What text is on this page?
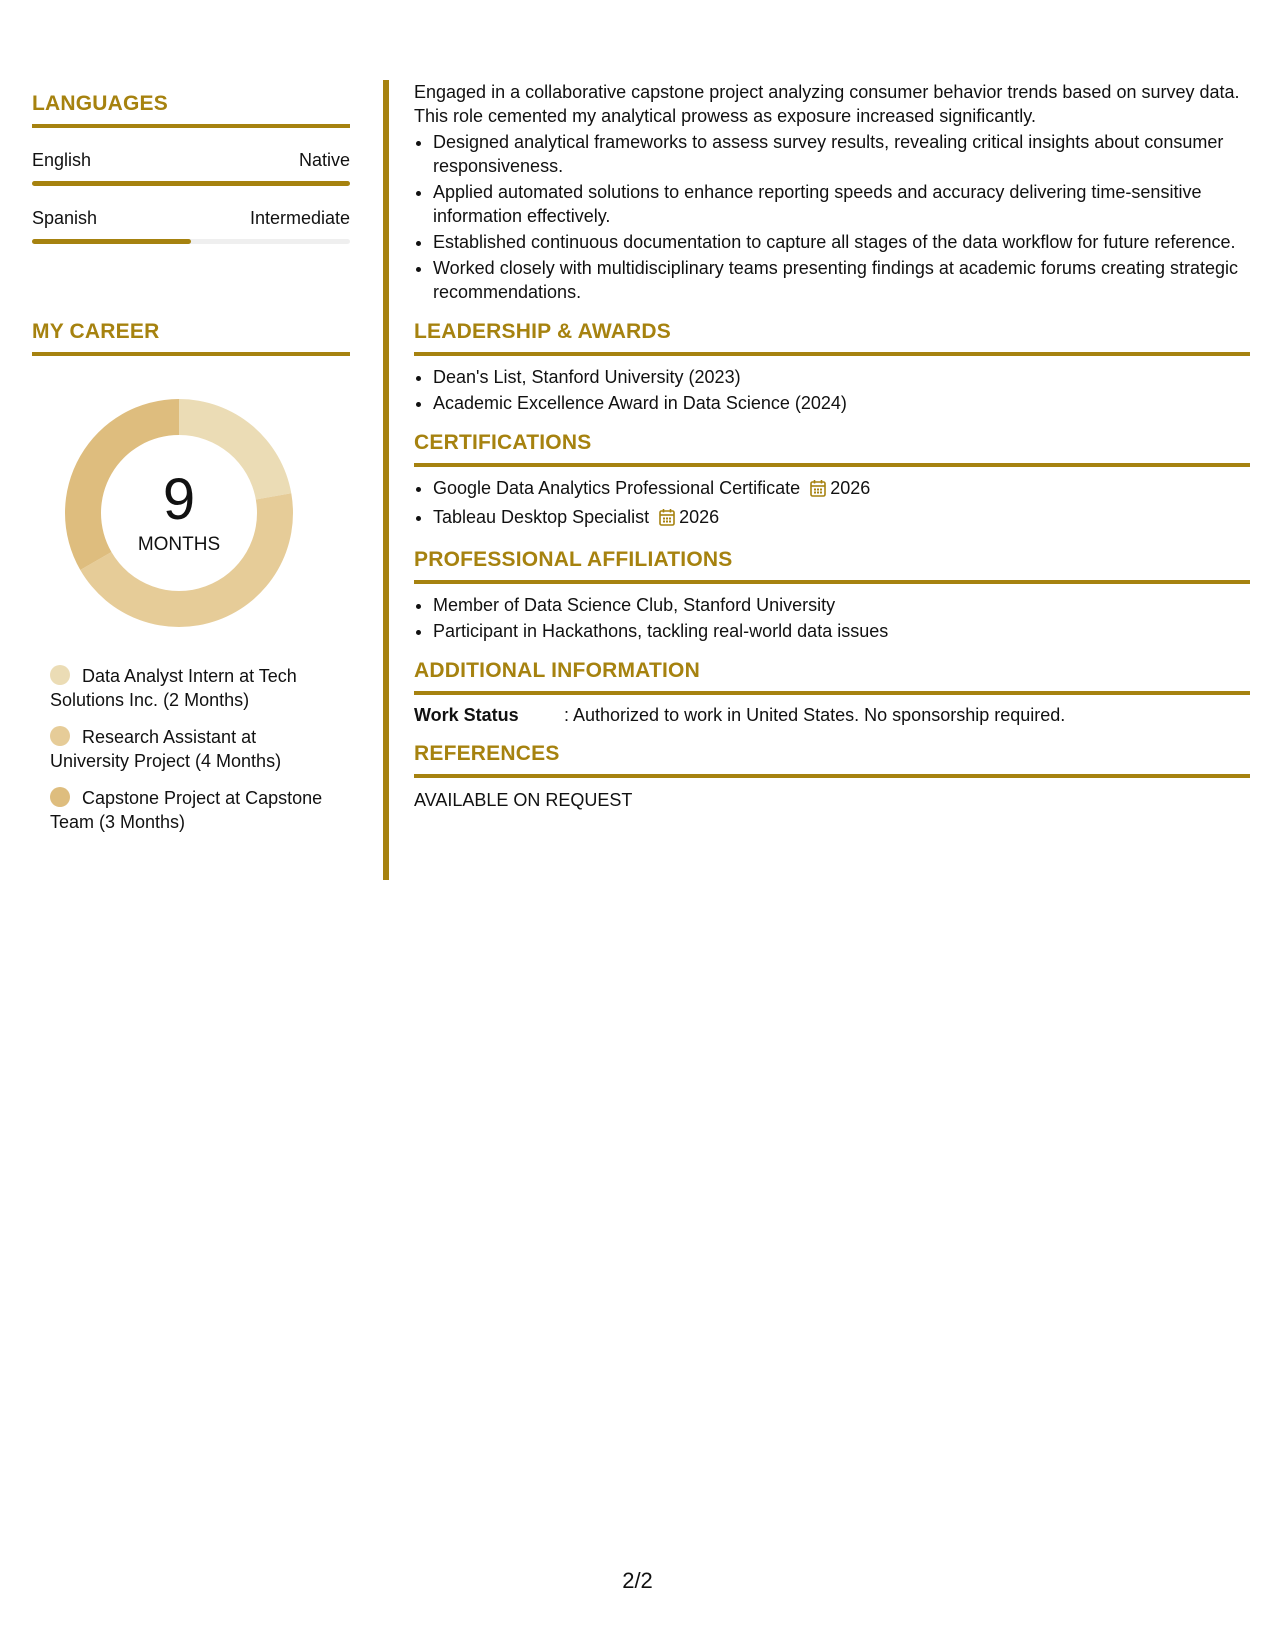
LANGUAGES
English	Native
Spanish	Intermediate
MY CAREER
9
MONTHS
Data Analyst Intern at Tech Solutions Inc. (2 Months)
Research Assistant at University Project (4 Months)
Capstone Project at Capstone Team (3 Months)

Engaged in a collaborative capstone project analyzing consumer behavior trends based on survey data. This role cemented my analytical prowess as exposure increased significantly.

• Designed analytical frameworks to assess survey results, revealing critical insights about consumer responsiveness.
• Applied automated solutions to enhance reporting speeds and accuracy delivering time-sensitive information effectively.
• Established continuous documentation to capture all stages of the data workflow for future reference.
• Worked closely with multidisciplinary teams presenting findings at academic forums creating strategic recommendations.
LEADERSHIP & AWARDS
• Dean's List, Stanford University (2023)
• Academic Excellence Award in Data Science (2024)
CERTIFICATIONS
• Google Data Analytics Professional Certificate 2026
• Tableau Desktop Specialist 2026
PROFESSIONAL AFFILIATIONS
• Member of Data Science Club, Stanford University
• Participant in Hackathons, tackling real-world data issues
ADDITIONAL INFORMATION
Work Status	: Authorized to work in United States. No sponsorship required.
REFERENCES
AVAILABLE ON REQUEST
2/2
